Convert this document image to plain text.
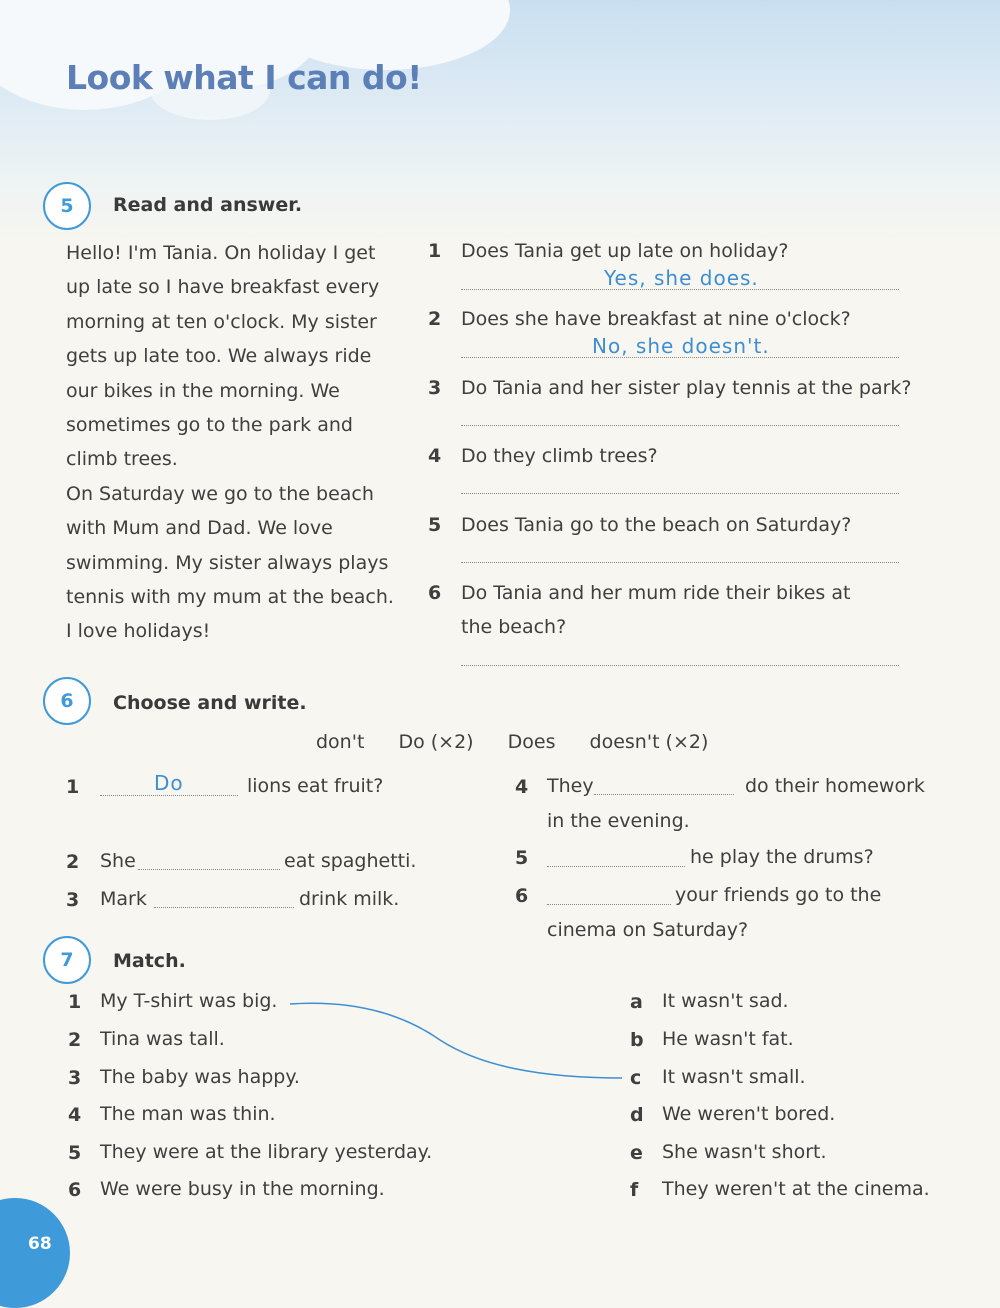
Look what I can do!
5	Read and answer.

Hello! I'm Tania. On holiday I get up late so I have breakfast every morning at ten o'clock. My sister gets up late too. We always ride our bikes in the morning. We sometimes go to the park and climb trees.

On Saturday we go to the beach with Mum and Dad. We love swimming. My sister always plays tennis with my mum at the beach. I love holidays!

1 Does Tania get up late on holiday?
Yes, she does.
2 Does she have breakfast at nine o'clock?
No, she doesn't.
3 Do Tania and her sister play tennis at the park?
4 Do they climb trees?
5 Does Tania go to the beach on Saturday?
6 Do Tania and her mum ride their bikes at the beach?
6	Choose and write.
don't Do (×2) Does doesn't (×2)
1	Do	lions eat fruit?
2 She	eat spaghetti.
3 Mark	drink milk.
4 They	do their homework
in the evening.
5	he play the drums?
6	your friends go to the
cinema on Saturday?
7	Match.
1 My T-shirt was big.
2 Tina was tall.
3 The baby was happy.
4 The man was thin.
5 They were at the library yesterday.
6 We were busy in the morning.
a It wasn't sad.
b He wasn't fat.
c It wasn't small.
d We weren't bored.
e She wasn't short.
f They weren't at the cinema.
68
